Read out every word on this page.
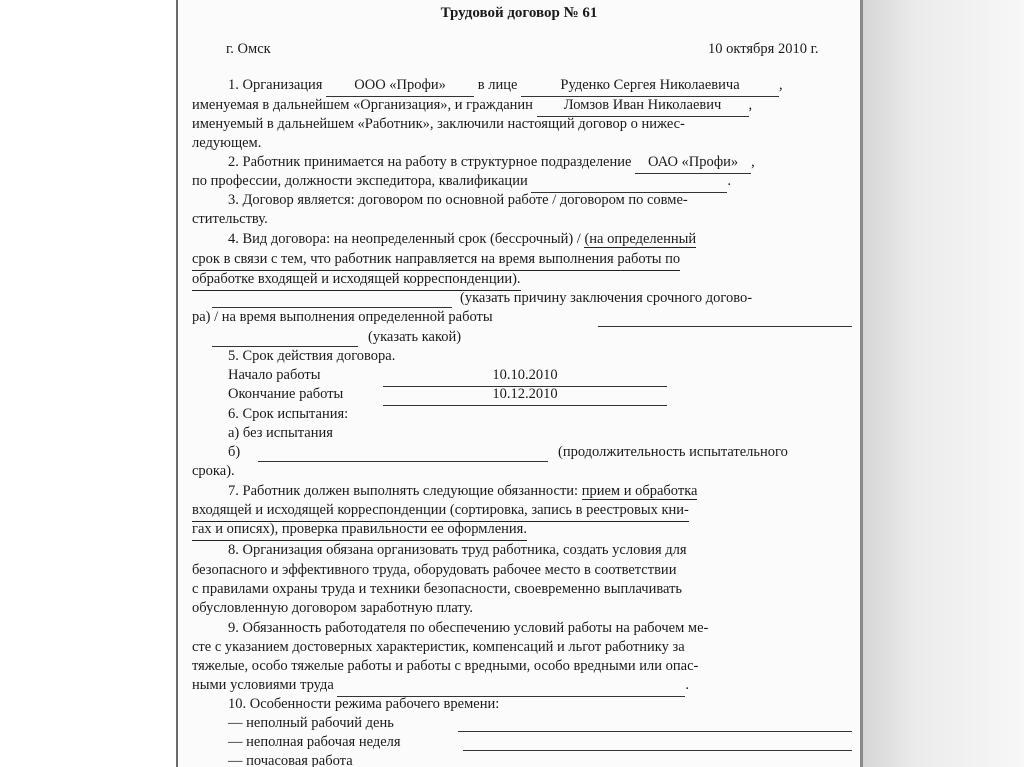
Трудовой договор № 61
г. Омск	10 октября 2010 г.
1. Организация ООО «Профи» в лице	Руденко Сергея Николаевича	,
именуемая в дальнейшем «Организация», и гражданин Ломзов Иван Николаевич ,
именуемый в дальнейшем «Работник», заключили настоящий договор о нижес-
ледующем.
2. Работник принимается на работу в структурное подразделение ОАО «Профи» ,
по профессии, должности экспедитора, квалификации	.
3. Договор является: договором по основной работе / договором по совме-
стительству.
4. Вид договора: на неопределенный срок (бессрочный) / (на определенный
срок в связи с тем, что работник направляется на время выполнения работы по
обработке входящей и исходящей корреспонденции).
(указать причину заключения срочного догово-
ра) / на время выполнения определенной работы
(указать какой)
5. Срок действия договора.
Начало работы	10.10.2010
Окончание работы	10.12.2010
6. Срок испытания:
а) без испытания
б)	(продолжительность испытательного
срока).
7. Работник должен выполнять следующие обязанности: прием и обработка
входящей и исходящей корреспонденции (сортировка, запись в реестровых кни-
гах и описях), проверка правильности ее оформления.
8. Организация обязана организовать труд работника, создать условия для
безопасного и эффективного труда, оборудовать рабочее место в соответствии
с правилами охраны труда и техники безопасности, своевременно выплачивать
обусловленную договором заработную плату.
9. Обязанность работодателя по обеспечению условий работы на рабочем ме-
сте с указанием достоверных характеристик, компенсаций и льгот работнику за
тяжелые, особо тяжелые работы и работы с вредными, особо вредными или опас-
ными условиями труда	.
10. Особенности режима рабочего времени:
— неполный рабочий день
— неполная рабочая неделя
— почасовая работа
